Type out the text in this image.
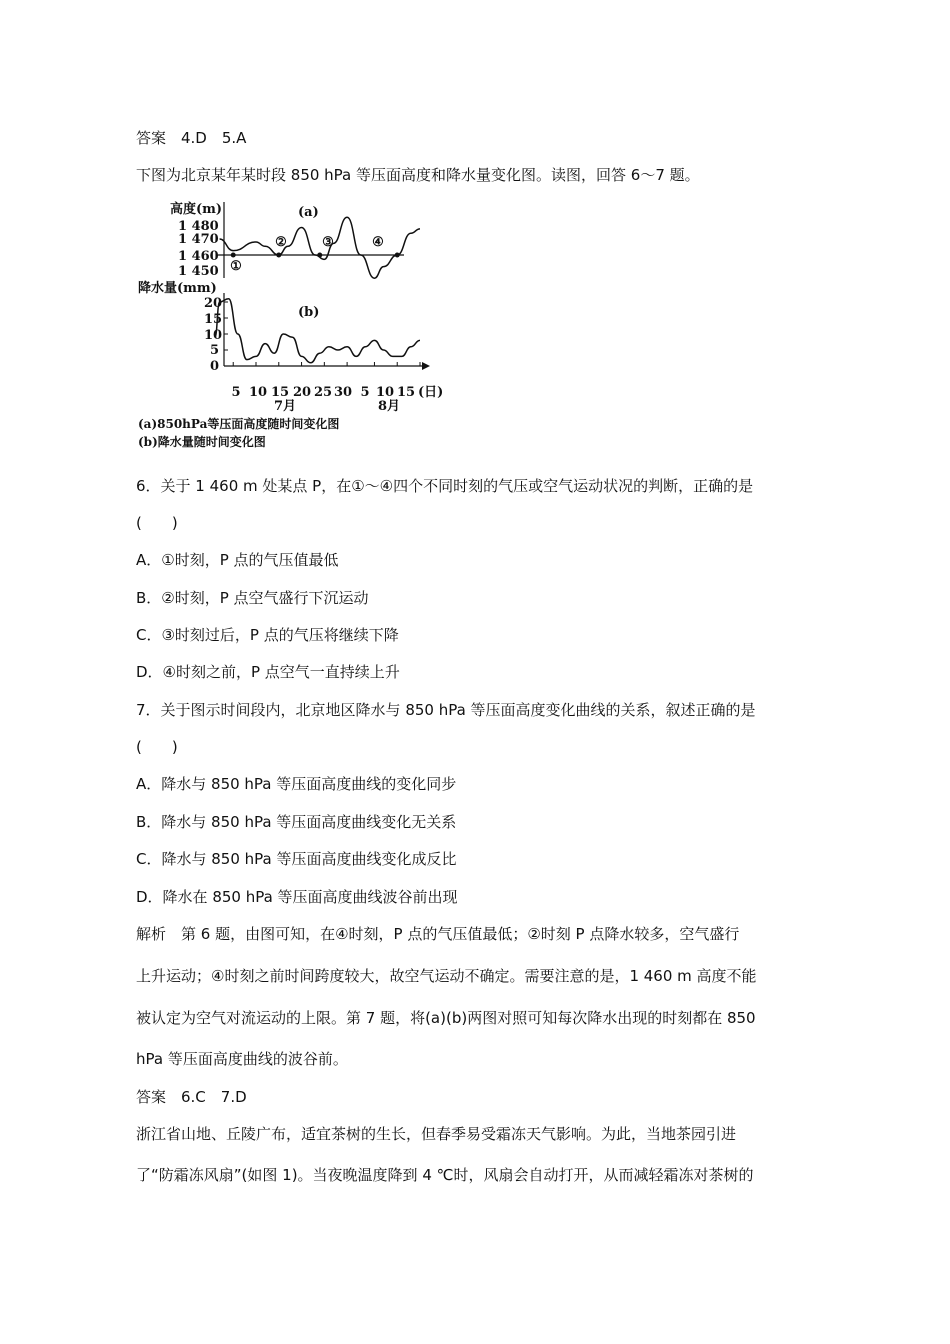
答案　4.D　5.A
下图为北京某年某时段 850 hPa 等压面高度和降水量变化图。读图，回答 6～7 题。
高度(m)
1 480
1 470
1 460
1 450
(a)
降水量(mm)
20
15
10
5
0
(b)
5 10 15 20 25 30 5 10 15 (日)
7月	8月
(a)850hPa等压面高度随时间变化图
(b)降水量随时间变化图
①
②	③	④
6．关于 1 460 m 处某点 P，在①～④四个不同时刻的气压或空气运动状况的判断，正确的是
(　　)
A．①时刻，P 点的气压值最低
B．②时刻，P 点空气盛行下沉运动
C．③时刻过后，P 点的气压将继续下降
D．④时刻之前，P 点空气一直持续上升
7．关于图示时间段内，北京地区降水与 850 hPa 等压面高度变化曲线的关系，叙述正确的是
(　　)
A．降水与 850 hPa 等压面高度曲线的变化同步
B．降水与 850 hPa 等压面高度曲线变化无关系
C．降水与 850 hPa 等压面高度曲线变化成反比
D．降水在 850 hPa 等压面高度曲线波谷前出现
解析　第 6 题，由图可知，在④时刻，P 点的气压值最低；②时刻 P 点降水较多，空气盛行
上升运动；④时刻之前时间跨度较大，故空气运动不确定。需要注意的是，1 460 m 高度不能
被认定为空气对流运动的上限。第 7 题，将(a)(b)两图对照可知每次降水出现的时刻都在 850
hPa 等压面高度曲线的波谷前。
答案　6.C　7.D
浙江省山地、丘陵广布，适宜茶树的生长，但春季易受霜冻天气影响。为此，当地茶园引进
了“防霜冻风扇”(如图 1)。当夜晚温度降到 4 ℃时，风扇会自动打开，从而减轻霜冻对茶树的
